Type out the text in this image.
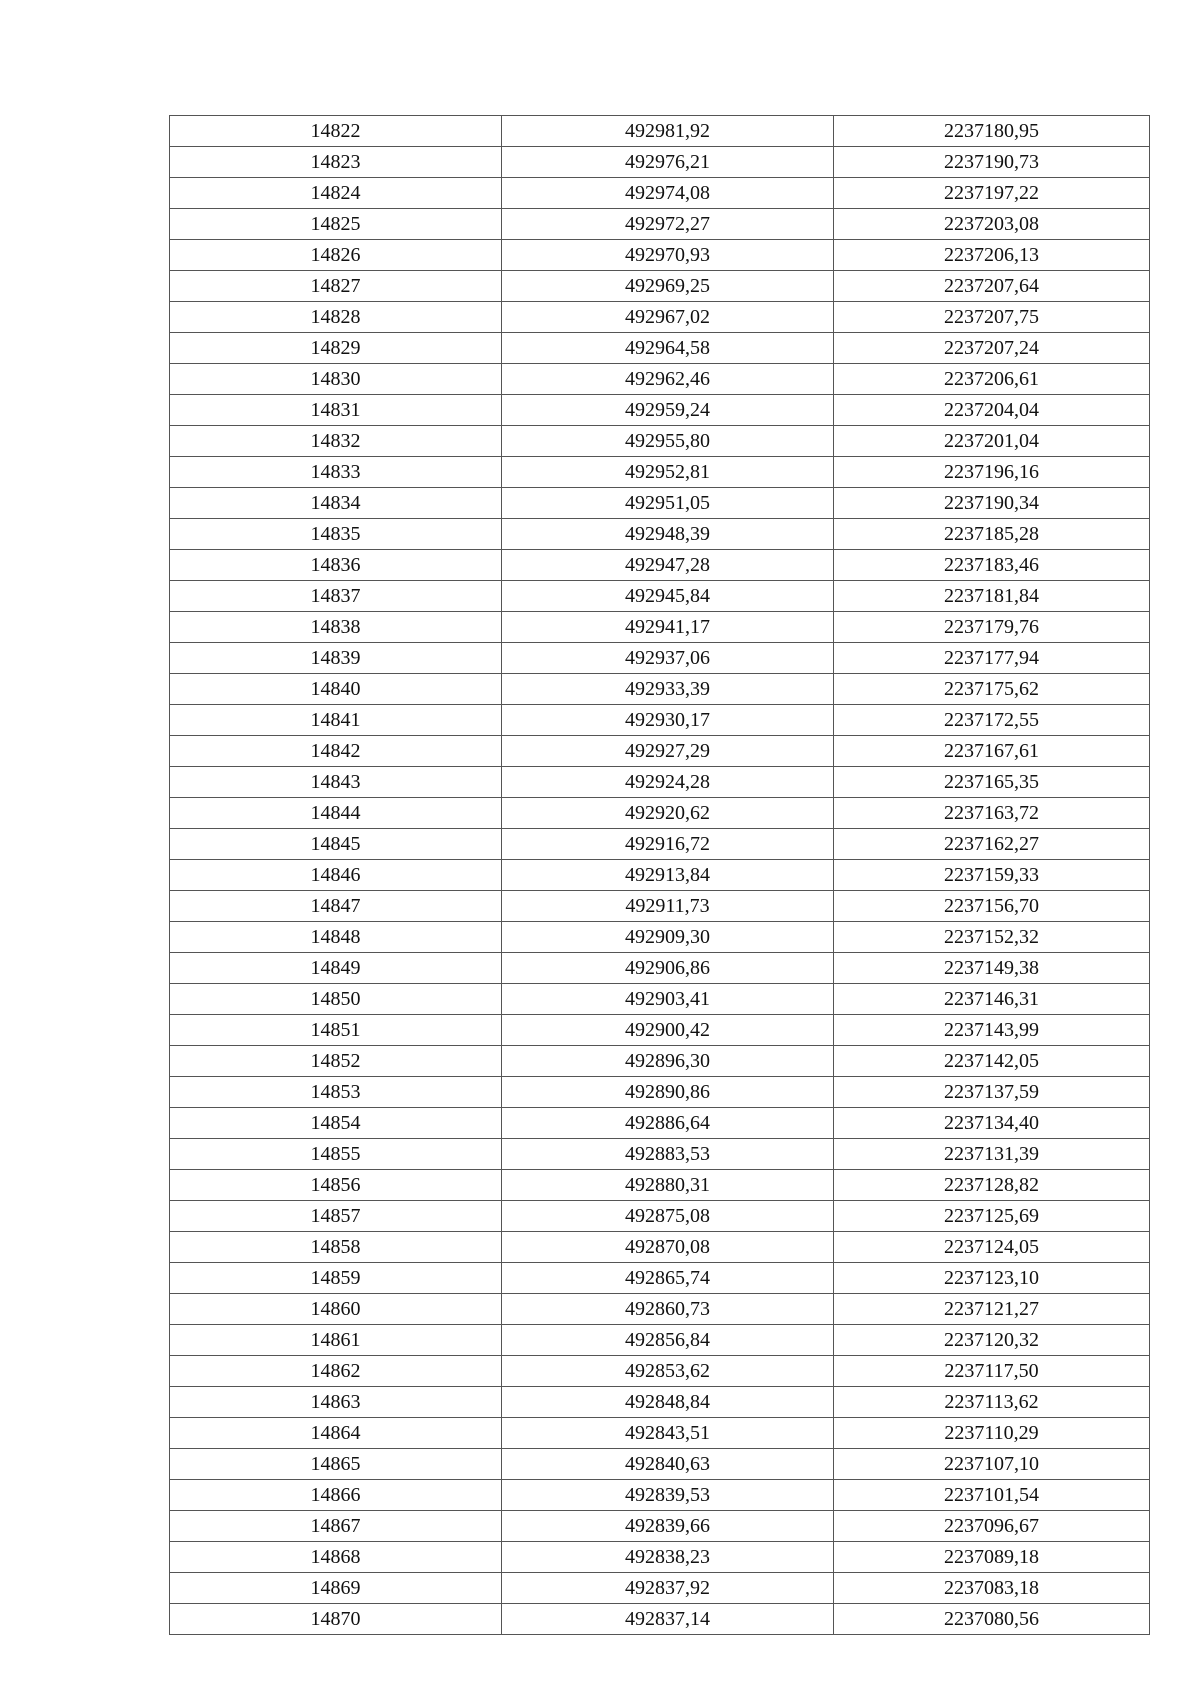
14822	492981,92	2237180,95
14823	492976,21	2237190,73
14824	492974,08	2237197,22
14825	492972,27	2237203,08
14826	492970,93	2237206,13
14827	492969,25	2237207,64
14828	492967,02	2237207,75
14829	492964,58	2237207,24
14830	492962,46	2237206,61
14831	492959,24	2237204,04
14832	492955,80	2237201,04
14833	492952,81	2237196,16
14834	492951,05	2237190,34
14835	492948,39	2237185,28
14836	492947,28	2237183,46
14837	492945,84	2237181,84
14838	492941,17	2237179,76
14839	492937,06	2237177,94
14840	492933,39	2237175,62
14841	492930,17	2237172,55
14842	492927,29	2237167,61
14843	492924,28	2237165,35
14844	492920,62	2237163,72
14845	492916,72	2237162,27
14846	492913,84	2237159,33
14847	492911,73	2237156,70
14848	492909,30	2237152,32
14849	492906,86	2237149,38
14850	492903,41	2237146,31
14851	492900,42	2237143,99
14852	492896,30	2237142,05
14853	492890,86	2237137,59
14854	492886,64	2237134,40
14855	492883,53	2237131,39
14856	492880,31	2237128,82
14857	492875,08	2237125,69
14858	492870,08	2237124,05
14859	492865,74	2237123,10
14860	492860,73	2237121,27
14861	492856,84	2237120,32
14862	492853,62	2237117,50
14863	492848,84	2237113,62
14864	492843,51	2237110,29
14865	492840,63	2237107,10
14866	492839,53	2237101,54
14867	492839,66	2237096,67
14868	492838,23	2237089,18
14869	492837,92	2237083,18
14870	492837,14	2237080,56
